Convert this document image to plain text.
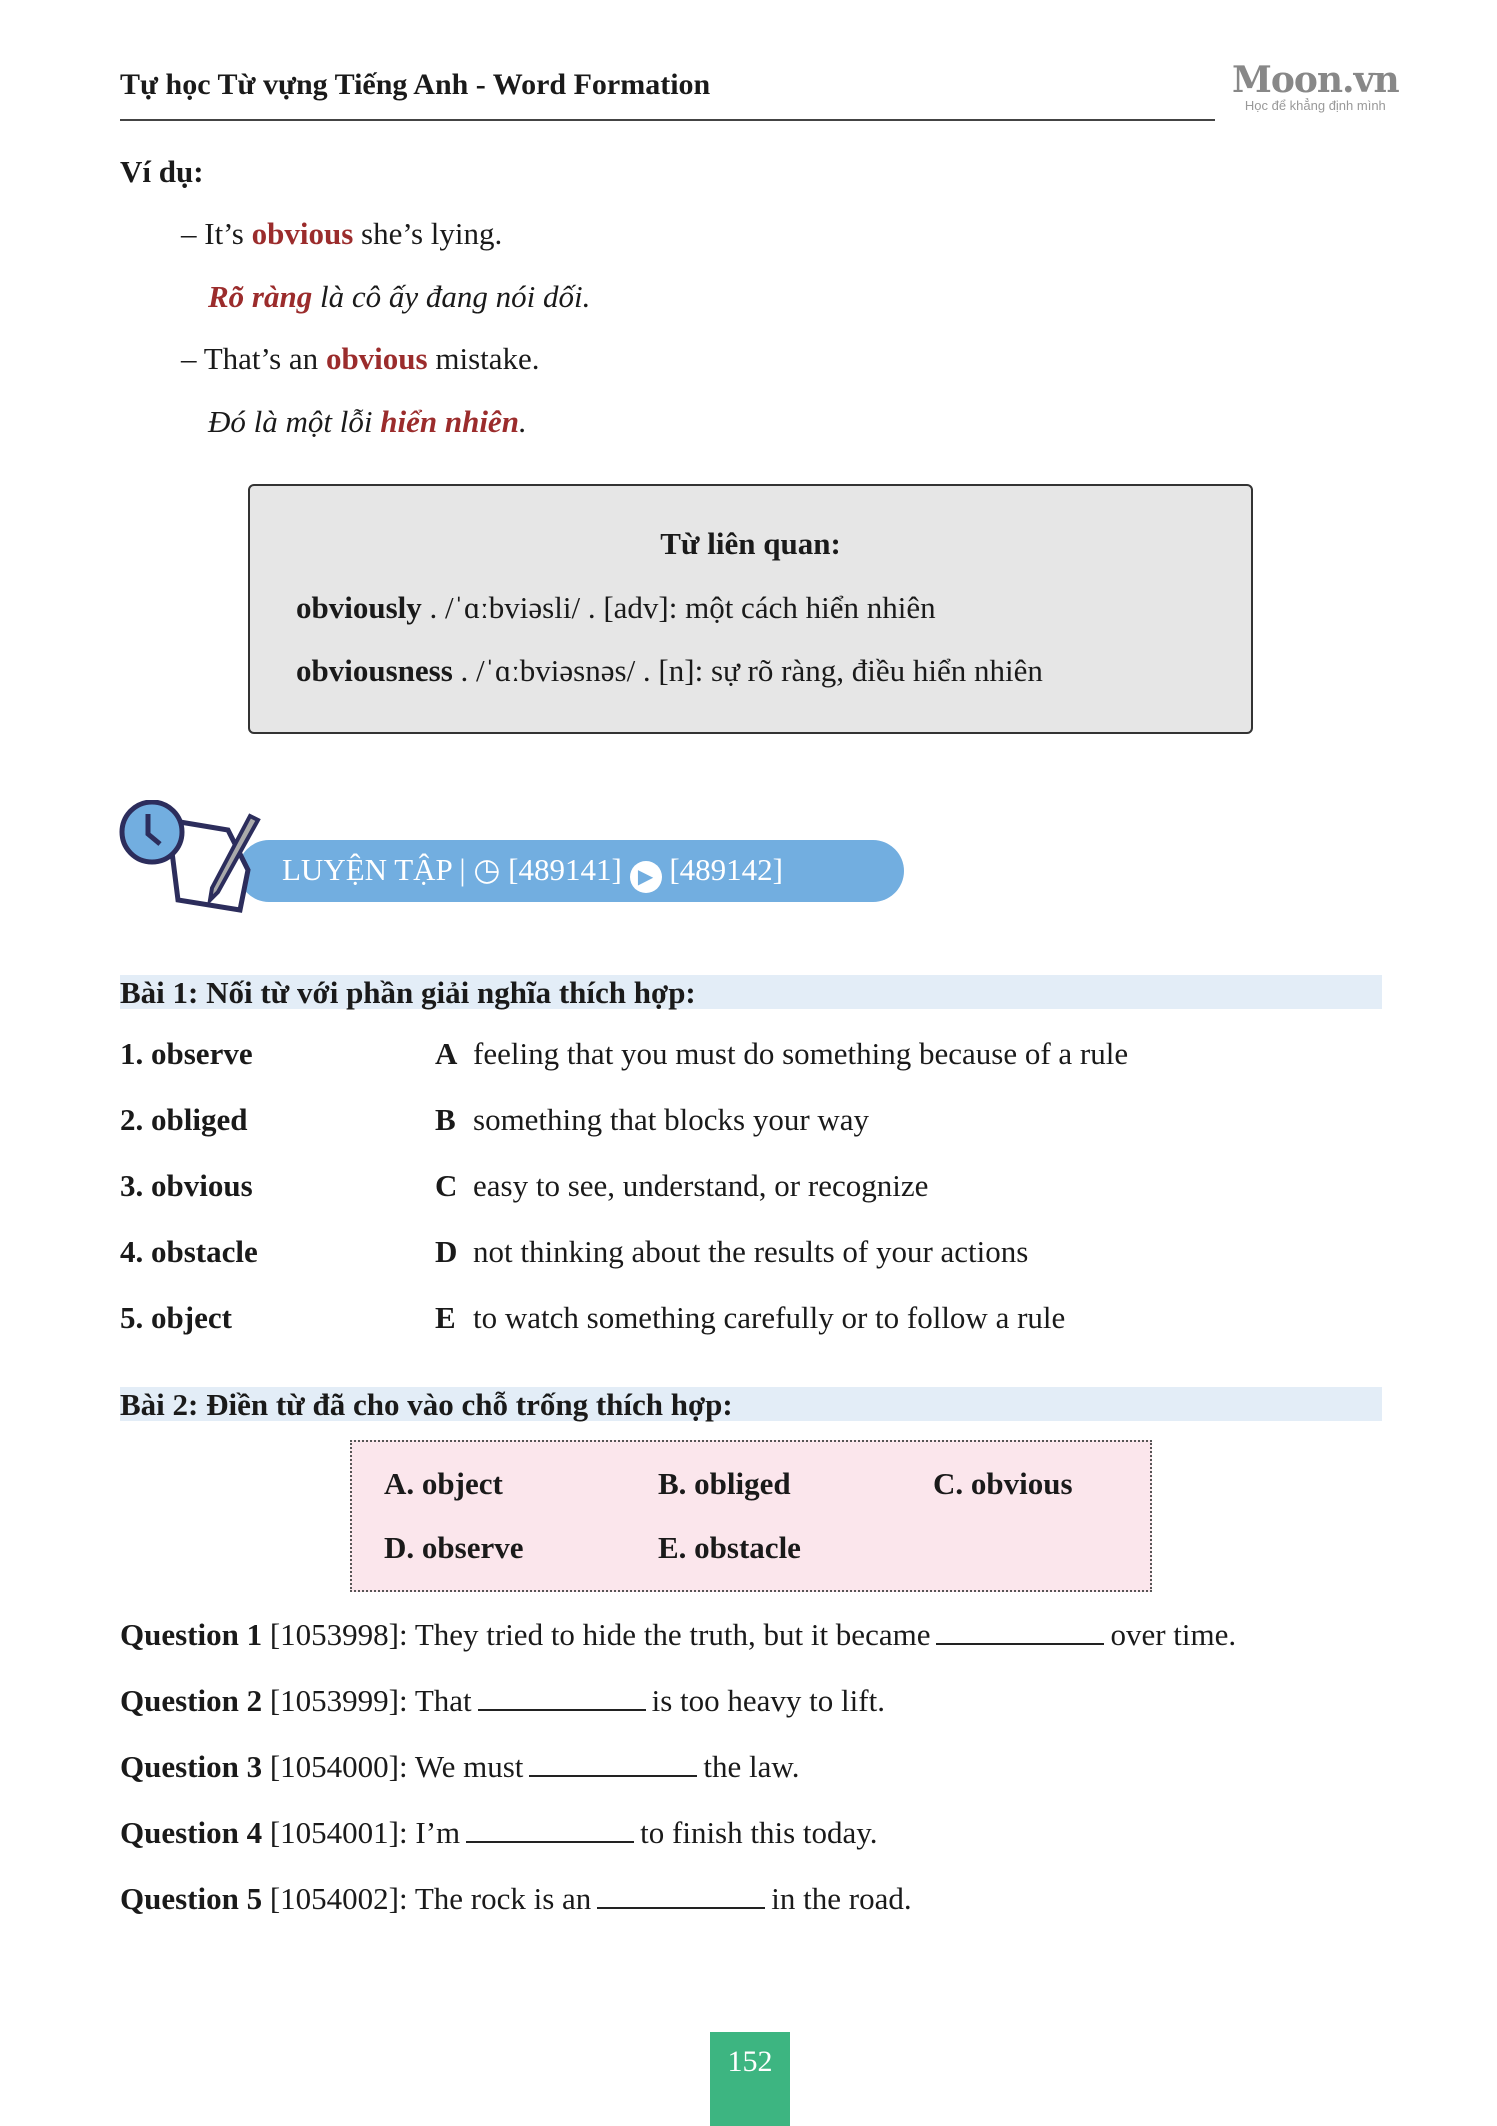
Tự học Từ vựng Tiếng Anh - Word Formation	Moon.vn
Học để khẳng định mình
Ví dụ:
– It’s obvious she’s lying.
Rõ ràng là cô ấy đang nói dối.
– That’s an obvious mistake.
Đó là một lỗi hiển nhiên.
Từ liên quan:
obviously . /ˈɑːbviəsli/ . [adv]: một cách hiển nhiên
obviousness . /ˈɑːbviəsnəs/ . [n]: sự rõ ràng, điều hiển nhiên
LUYỆN TẬP | ◷ [489141] ▶ [489142]
Bài 1: Nối từ với phần giải nghĩa thích hợp:
1. observe	A feeling that you must do something because of a rule
2. obliged	B something that blocks your way
3. obvious	C easy to see, understand, or recognize
4. obstacle	D not thinking about the results of your actions
5. object	E to watch something carefully or to follow a rule
Bài 2: Điền từ đã cho vào chỗ trống thích hợp:
A. object	B. obliged	C. obvious
D. observe	E. obstacle
Question 1 [1053998]: They tried to hide the truth, but it became	over time.
Question 2 [1053999]: That	is too heavy to lift.
Question 3 [1054000]: We must	the law.
Question 4 [1054001]: I’m	to finish this today.
Question 5 [1054002]: The rock is an	in the road.
152
